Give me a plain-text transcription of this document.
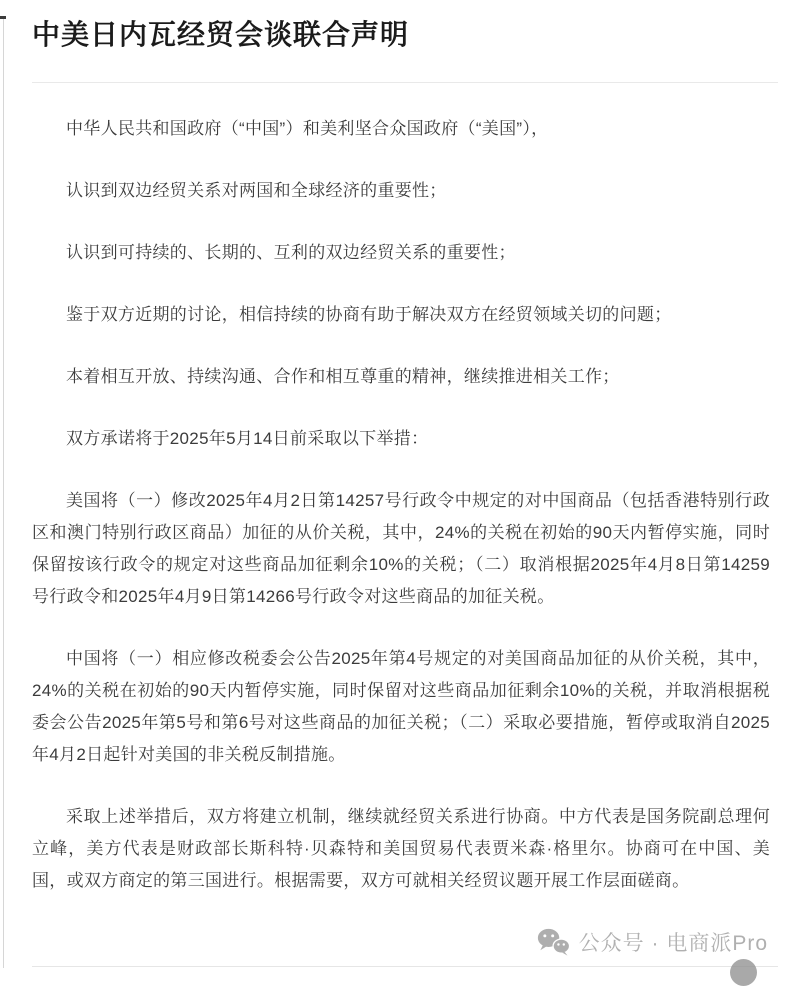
中美日内瓦经贸会谈联合声明

中华人民共和国政府（“中国”）和美利坚合众国政府（“美国”），

认识到双边经贸关系对两国和全球经济的重要性；

认识到可持续的、长期的、互利的双边经贸关系的重要性；

鉴于双方近期的讨论，相信持续的协商有助于解决双方在经贸领域关切的问题；

本着相互开放、持续沟通、合作和相互尊重的精神，继续推进相关工作；

双方承诺将于2025年5月14日前采取以下举措：

美国将（一）修改2025年4月2日第14257号行政令中规定的对中国商品（包括香港特别行政区和澳门特别行政区商品）加征的从价关税，其中，24%的关税在初始的90天内暂停实施，同时保留按该行政令的规定对这些商品加征剩余10%的关税；（二）取消根据2025年4月8日第14259号行政令和2025年4月9日第14266号行政令对这些商品的加征关税。

中国将（一）相应修改税委会公告2025年第4号规定的对美国商品加征的从价关税，其中，24%的关税在初始的90天内暂停实施，同时保留对这些商品加征剩余10%的关税，并取消根据税委会公告2025年第5号和第6号对这些商品的加征关税；（二）采取必要措施，暂停或取消自2025年4月2日起针对美国的非关税反制措施。

采取上述举措后，双方将建立机制，继续就经贸关系进行协商。中方代表是国务院副总理何立峰，美方代表是财政部长斯科特·贝森特和美国贸易代表贾米森·格里尔。协商可在中国、美国，或双方商定的第三国进行。根据需要，双方可就相关经贸议题开展工作层面磋商。

公众号 · 电商派Pro
